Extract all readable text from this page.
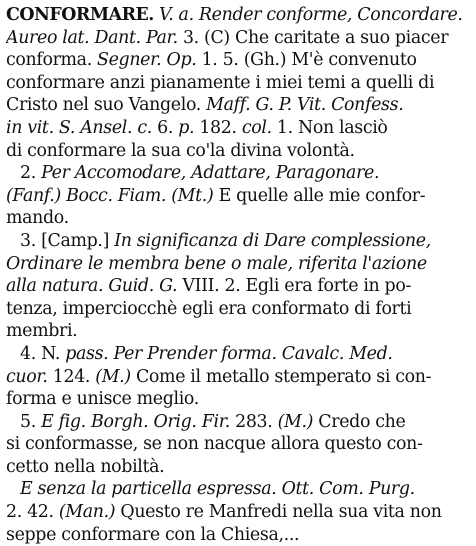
CONFORMARE. V. a. Render conforme, Concordare.
Aureo lat. Dant. Par. 3. (C) Che caritate a suo piacer
conforma. Segner. Op. 1. 5. (Gh.) M'è convenuto
conformare anzi pianamente i miei temi a quelli di
Cristo nel suo Vangelo. Maff. G. P. Vit. Confess.
in vit. S. Ansel. c. 6. p. 182. col. 1. Non lasciò
di conformare la sua co'la divina volontà.
2. Per Accomodare, Adattare, Paragonare.
(Fanf.) Bocc. Fiam. (Mt.) E quelle alle mie confor-
mando.
3. [Camp.] In significanza di Dare complessione,
Ordinare le membra bene o male, riferita l'azione
alla natura. Guid. G. VIII. 2. Egli era forte in po-
tenza, imperciocchè egli era conformato di forti
membri.
4. N. pass. Per Prender forma. Cavalc. Med.
cuor. 124. (M.) Come il metallo stemperato si con-
forma e unisce meglio.
5. E fig. Borgh. Orig. Fir. 283. (M.) Credo che
si conformasse, se non nacque allora questo con-
cetto nella nobiltà.
E senza la particella espressa. Ott. Com. Purg.
2. 42. (Man.) Questo re Manfredi nella sua vita non
seppe conformare con la Chiesa,...
